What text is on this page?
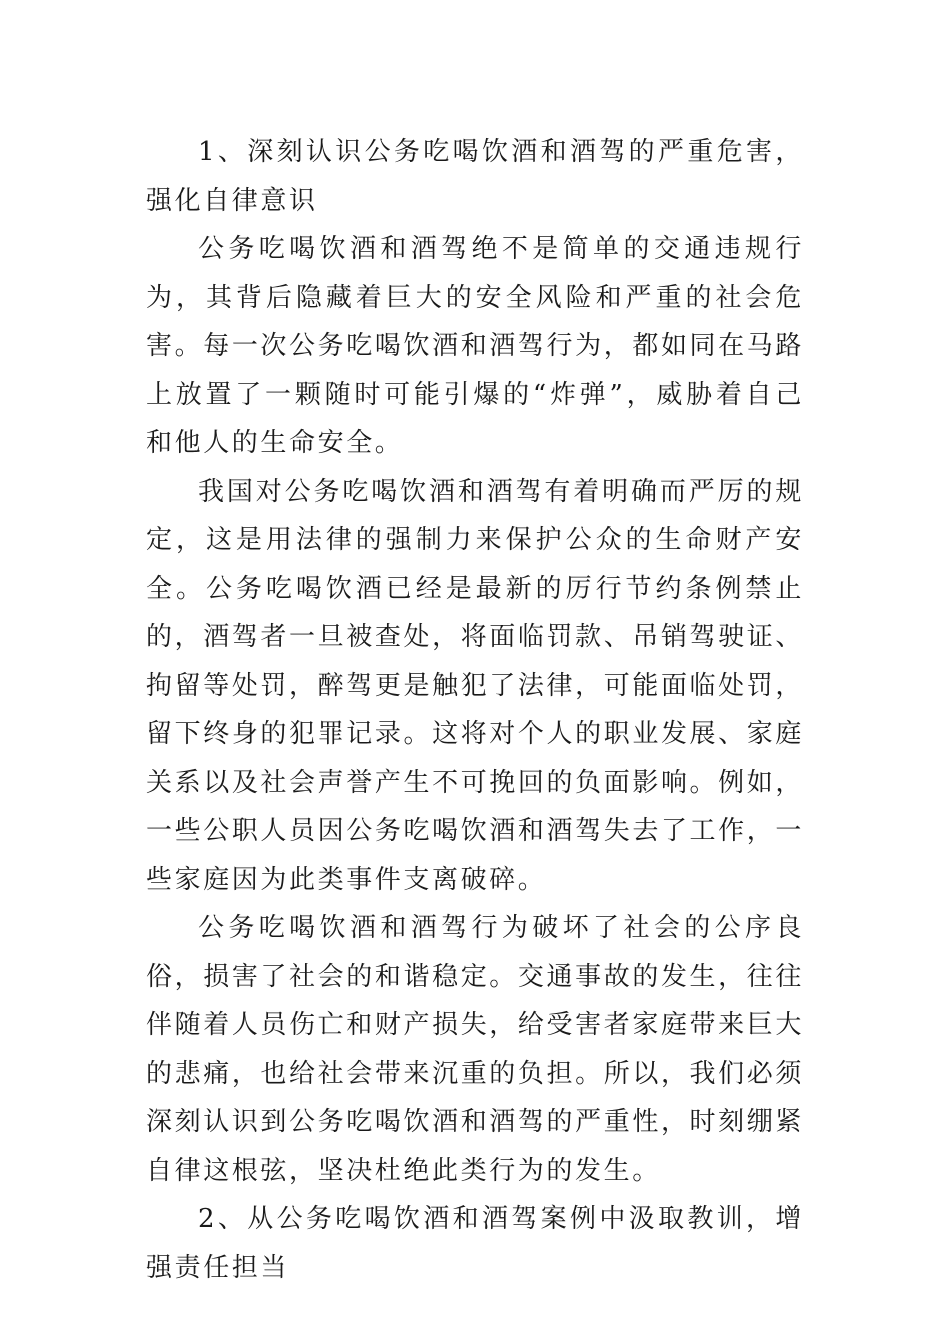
1、深刻认识公务吃喝饮酒和酒驾的严重危害，强化自律意识

公务吃喝饮酒和酒驾绝不是简单的交通违规行为，其背后隐藏着巨大的安全风险和严重的社会危害。每一次公务吃喝饮酒和酒驾行为，都如同在马路上放置了一颗随时可能引爆的“炸弹”，威胁着自己和他人的生命安全。

我国对公务吃喝饮酒和酒驾有着明确而严厉的规定，这是用法律的强制力来保护公众的生命财产安全。公务吃喝饮酒已经是最新的厉行节约条例禁止的，酒驾者一旦被查处，将面临罚款、吊销驾驶证、拘留等处罚，醉驾更是触犯了法律，可能面临处罚，留下终身的犯罪记录。这将对个人的职业发展、家庭关系以及社会声誉产生不可挽回的负面影响。例如，一些公职人员因公务吃喝饮酒和酒驾失去了工作，一些家庭因为此类事件支离破碎。

公务吃喝饮酒和酒驾行为破坏了社会的公序良俗，损害了社会的和谐稳定。交通事故的发生，往往伴随着人员伤亡和财产损失，给受害者家庭带来巨大的悲痛，也给社会带来沉重的负担。所以，我们必须深刻认识到公务吃喝饮酒和酒驾的严重性，时刻绷紧自律这根弦，坚决杜绝此类行为的发生。

2、从公务吃喝饮酒和酒驾案例中汲取教训，增强责任担当
